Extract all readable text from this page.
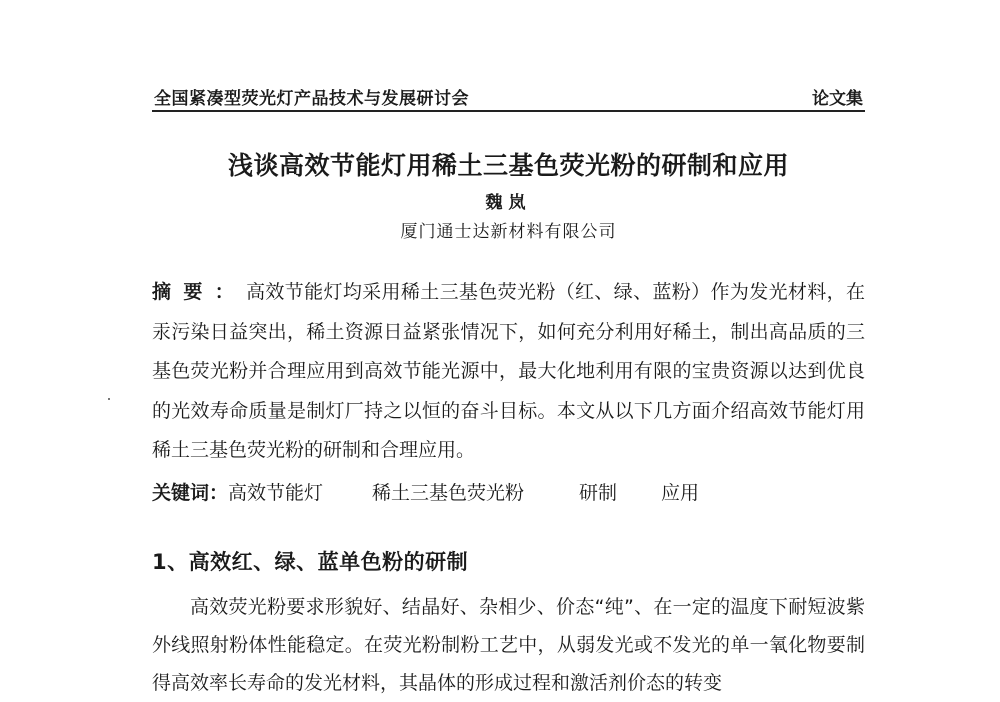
全国紧凑型荧光灯产品技术与发展研讨会	论文集
浅谈高效节能灯用稀土三基色荧光粉的研制和应用
魏岚
厦门通士达新材料有限公司
摘要：高效节能灯均采用稀土三基色荧光粉（红、绿、蓝粉）作为发光材料，在汞污染日益突出，稀土资源日益紧张情况下，如何充分利用好稀土，制出高品质的三基色荧光粉并合理应用到高效节能光源中，最大化地利用有限的宝贵资源以达到优良的光效寿命质量是制灯厂持之以恒的奋斗目标。本文从以下几方面介绍高效节能灯用稀土三基色荧光粉的研制和合理应用。
关键词：高效节能灯	稀土三基色荧光粉	研制 应用
1、高效红、绿、蓝单色粉的研制
高效荧光粉要求形貌好、结晶好、杂相少、价态“纯”、在一定的温度下耐短波紫外线照射粉体性能稳定。在荧光粉制粉工艺中，从弱发光或不发光的单一氧化物要制得高效率长寿命的发光材料，其晶体的形成过程和激活剂价态的转变
